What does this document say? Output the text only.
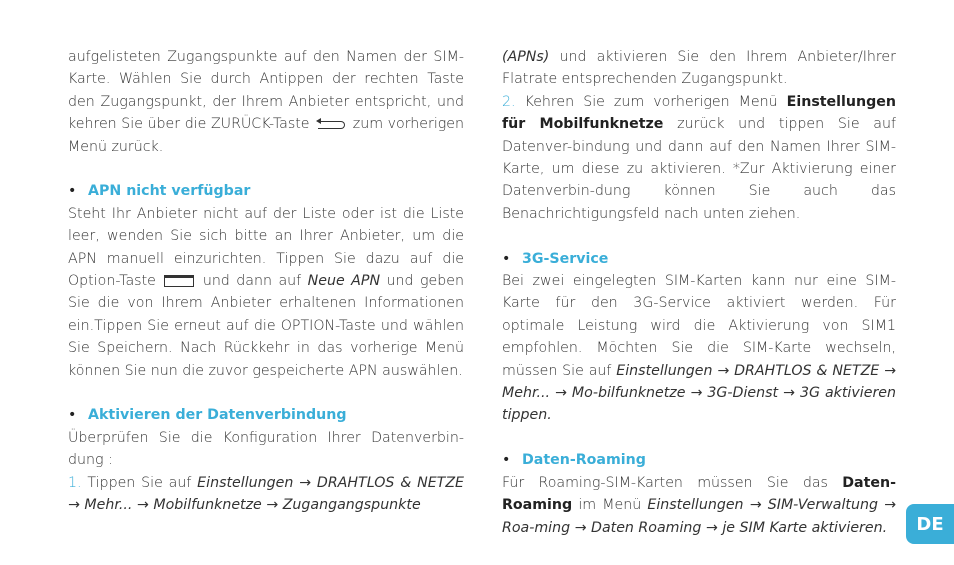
aufgelisteten Zugangspunkte auf den Namen der SIM-Karte. Wählen Sie durch Antippen der rechten Taste den Zugangspunkt, der Ihrem Anbieter entspricht, und kehren Sie über die ZURÜCK-Taste	zum vorherigen Menü zurück.

• APN nicht verfügbar

Steht Ihr Anbieter nicht auf der Liste oder ist die Liste leer, wenden Sie sich bitte an Ihrer Anbieter, um die APN manuell einzurichten. Tippen Sie dazu auf die Option-Taste	und dann auf Neue APN und geben Sie die von Ihrem Anbieter erhaltenen Informationen ein.Tippen Sie erneut auf die OPTION-Taste und wählen Sie Speichern. Nach Rückkehr in das vorherige Menü können Sie nun die zuvor gespeicherte APN auswählen.

• Aktivieren der Datenverbindung

Überprüfen Sie die Konfiguration Ihrer Datenverbin-dung :

1. Tippen Sie auf Einstellungen → DRAHTLOS & NETZE → Mehr... → Mobilfunknetze → Zugangangspunkte

(APNs) und aktivieren Sie den Ihrem Anbieter/Ihrer Flatrate entsprechenden Zugangspunkt.

2. Kehren Sie zum vorherigen Menü Einstellungen für Mobilfunknetze zurück und tippen Sie auf Datenver-bindung und dann auf den Namen Ihrer SIM-Karte, um diese zu aktivieren. *Zur Aktivierung einer Datenverbin-dung können Sie auch das Benachrichtigungsfeld nach unten ziehen.

• 3G-Service

Bei zwei eingelegten SIM-Karten kann nur eine SIM-Karte für den 3G-Service aktiviert werden. Für optimale Leistung wird die Aktivierung von SIM1 empfohlen. Möchten Sie die SIM-Karte wechseln, müssen Sie auf Einstellungen → DRAHTLOS & NETZE → Mehr... → Mo-bilfunknetze → 3G-Dienst → 3G aktivieren tippen.

• Daten-Roaming

Für Roaming-SIM-Karten müssen Sie das Daten-Roaming im Menü Einstellungen → SIM-Verwaltung → Roa-ming → Daten Roaming → je SIM Karte aktivieren.	DE
